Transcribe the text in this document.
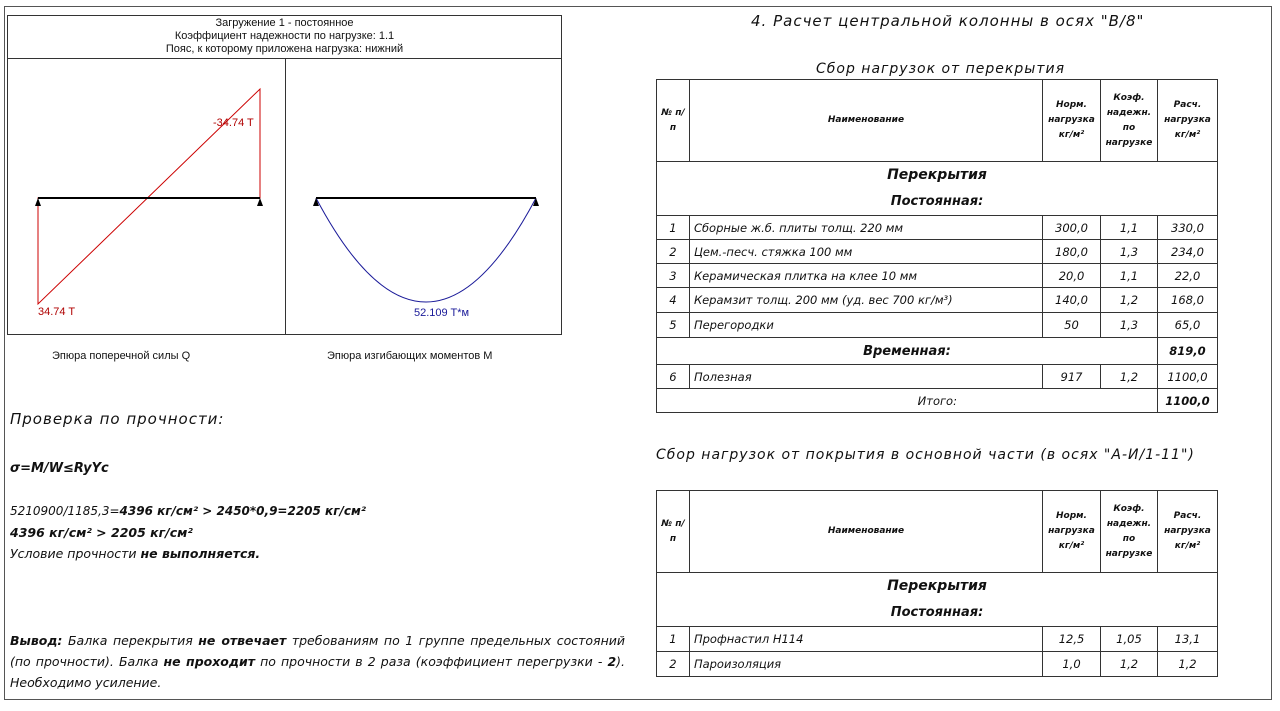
Загружение 1 - постоянное
Коэффициент надежности по нагрузке: 1.1
Пояс, к которому приложена нагрузка: нижний
-34.74 T
34.74 T	52.109 T*м
Эпюра поперечной силы Q	Эпюра изгибающих моментов M
Проверка по прочности:
σ=M/W≤RyΥc
5210900/1185,3=4396 кг/см² > 2450*0,9=2205 кг/см²
4396 кг/см² > 2205 кг/см²
Условие прочности не выполняется.
Вывод: Балка перекрытия не отвечает требованиям по 1 группе предельных состояний (по прочности). Балка не проходит по прочности в 2 раза (коэффициент перегрузки - 2). Необходимо усиление.
4. Расчет центральной колонны в осях "В/8"
Сбор нагрузок от перекрытия
№ п/п	Наименование	Норм. нагрузка кг/м²	Коэф. надежн. по нагрузке	Расч. нагрузка кг/м²
Перекрытия				
Постоянная:				
1	Сборные ж.б. плиты толщ. 220 мм	300,0	1,1	330,0
2	Цем.-песч. стяжка 100 мм	180,0	1,3	234,0
3	Керамическая плитка на клее 10 мм	20,0	1,1	22,0
4	Керамзит толщ. 200 мм (уд. вес 700 кг/м³)	140,0	1,2	168,0
5	Перегородки	50	1,3	65,0
Временная:				819,0
6	Полезная	917	1,2	1100,0
Итого:				1100,0
Сбор нагрузок от покрытия в основной части (в осях "А-И/1-11")
№ п/п	Наименование	Норм. нагрузка кг/м²	Коэф. надежн. по нагрузке	Расч. нагрузка кг/м²
Перекрытия				
Постоянная:				
1	Профнастил Н114	12,5	1,05	13,1
2	Пароизоляция	1,0	1,2	1,2
